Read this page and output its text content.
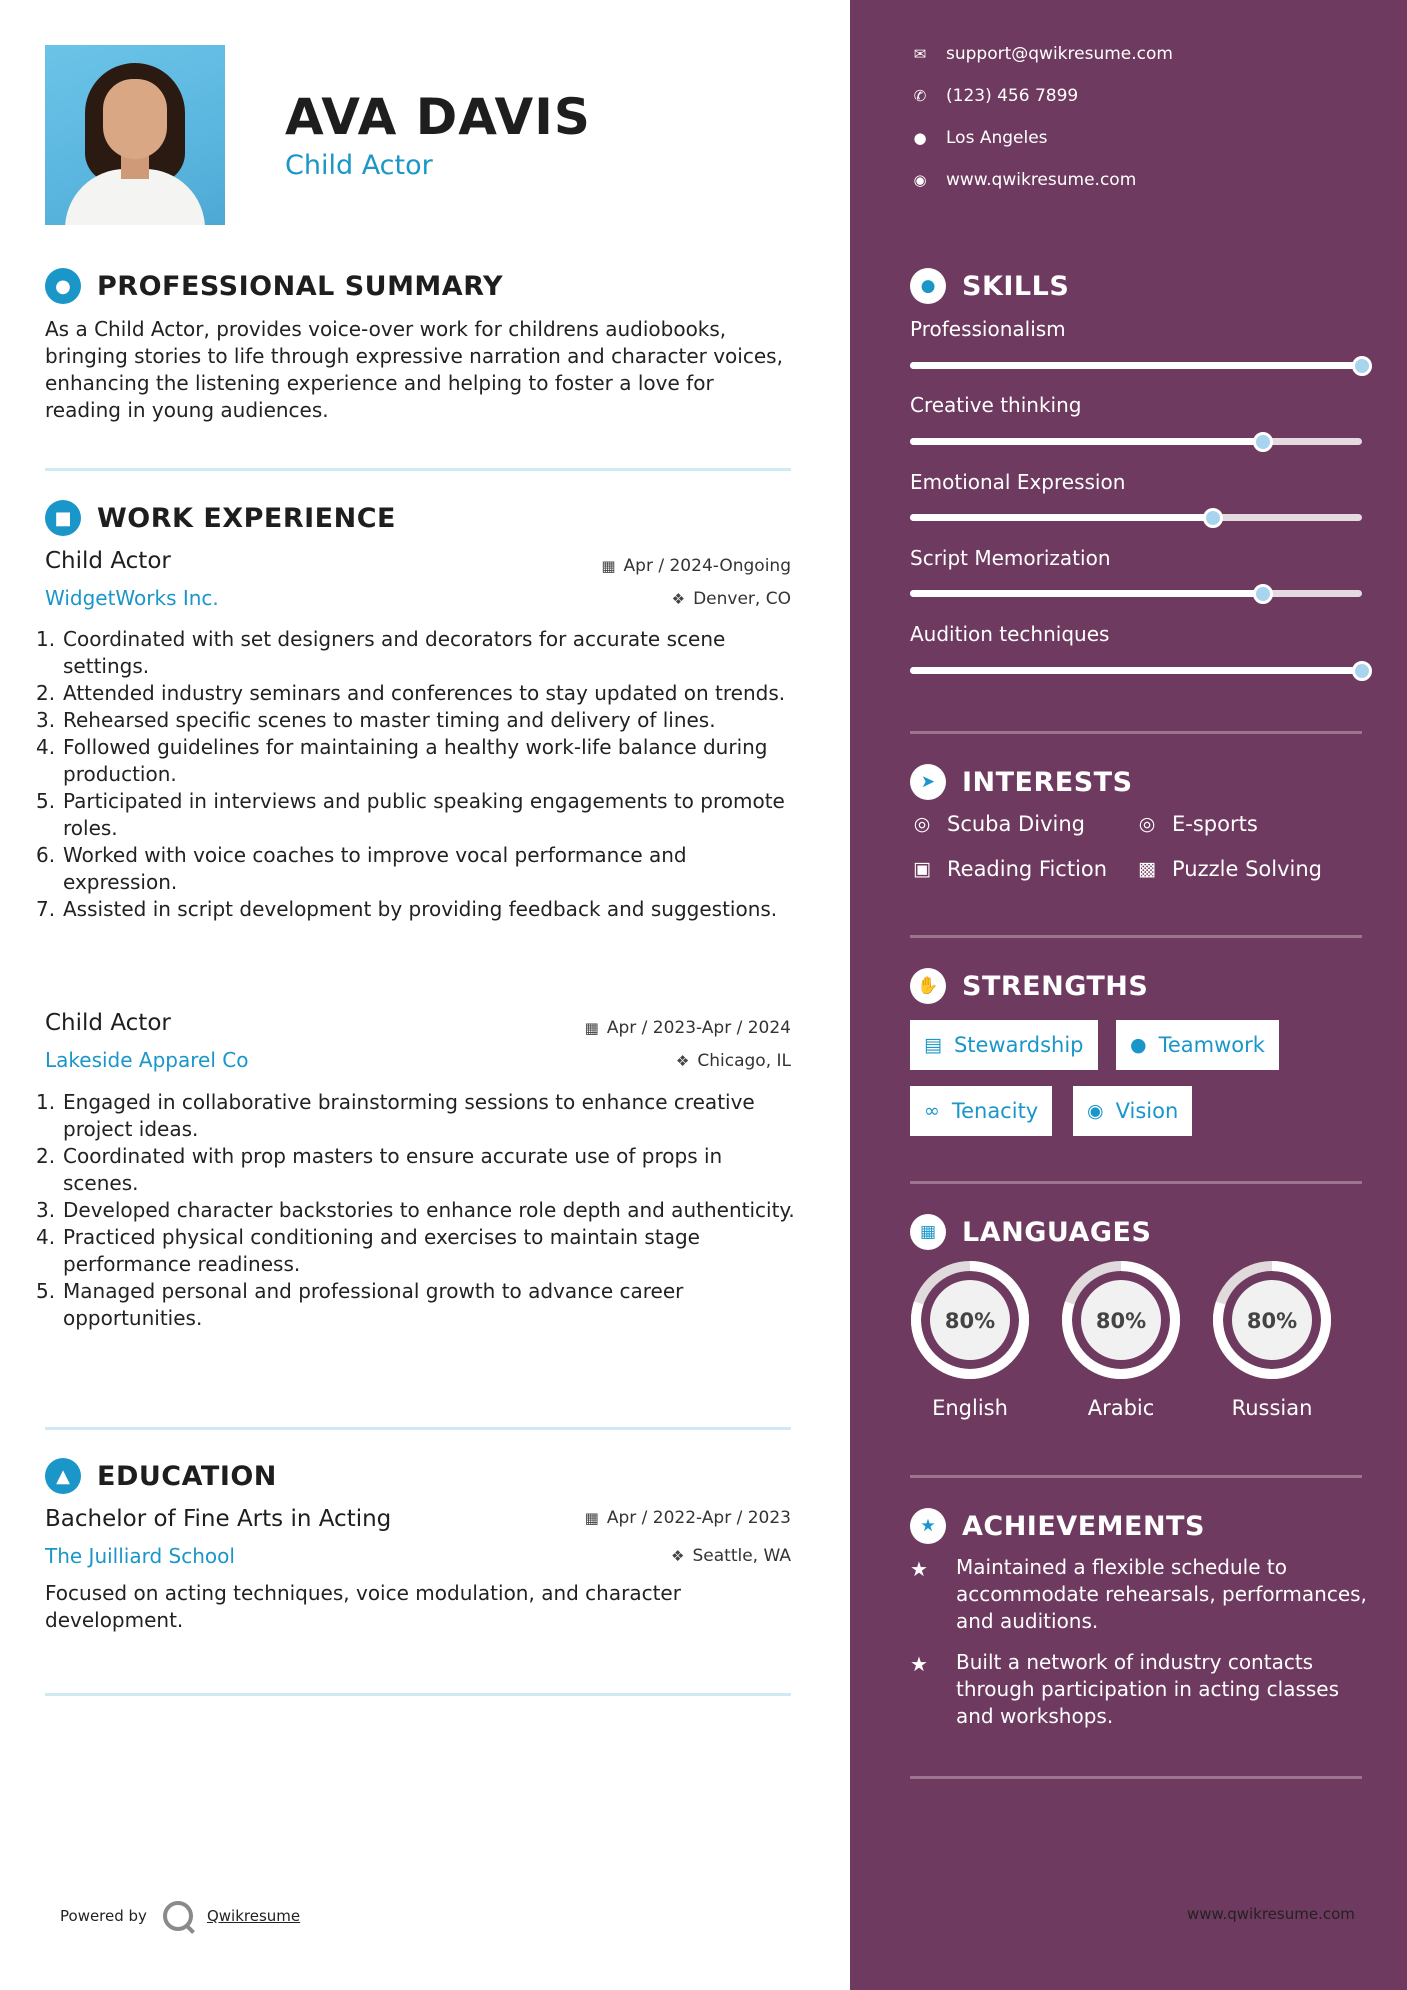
AVA DAVIS
Child Actor
● PROFESSIONAL SUMMARY
As a Child Actor, provides voice-over work for childrens audiobooks, bringing stories to life through expressive narration and character voices, enhancing the listening experience and helping to foster a love for reading in young audiences.
■ WORK EXPERIENCE
Child Actor	▦ Apr / 2024-Ongoing
WidgetWorks Inc.	❖ Denver, CO
1. Coordinated with set designers and decorators for accurate scene settings.
2. Attended industry seminars and conferences to stay updated on trends.
3. Rehearsed specific scenes to master timing and delivery of lines.
4. Followed guidelines for maintaining a healthy work-life balance during production.
5. Participated in interviews and public speaking engagements to promote roles.
6. Worked with voice coaches to improve vocal performance and expression.
7. Assisted in script development by providing feedback and suggestions.
Child Actor	▦ Apr / 2023-Apr / 2024
Lakeside Apparel Co	❖ Chicago, IL
1. Engaged in collaborative brainstorming sessions to enhance creative project ideas.
2. Coordinated with prop masters to ensure accurate use of props in scenes.
3. Developed character backstories to enhance role depth and authenticity.
4. Practiced physical conditioning and exercises to maintain stage performance readiness.
5. Managed personal and professional growth to advance career opportunities.
▲	EDUCATION
Bachelor of Fine Arts in Acting	▦ Apr / 2022-Apr / 2023
The Juilliard School	❖ Seattle, WA
Focused on acting techniques, voice modulation, and character development.
Powered by	Qwikresume
✉ support@qwikresume.com
✆ (123) 456 7899
● Los Angeles
◉ www.qwikresume.com
● SKILLS
Professionalism
Creative thinking
Emotional Expression
Script Memorization
Audition techniques
➤ INTERESTS
◎ Scuba Diving	◎ E-sports
▣ Reading Fiction ▩ Puzzle Solving
✋ STRENGTHS
▤ Stewardship ● Teamwork
∞ Tenacity	◉ Vision
▦ LANGUAGES
80%
English
80%
Arabic
80%
Russian
★ ACHIEVEMENTS
★	Maintained a flexible schedule to accommodate rehearsals, performances, and auditions.
★	Built a network of industry contacts through participation in acting classes and workshops.
www.qwikresume.com
